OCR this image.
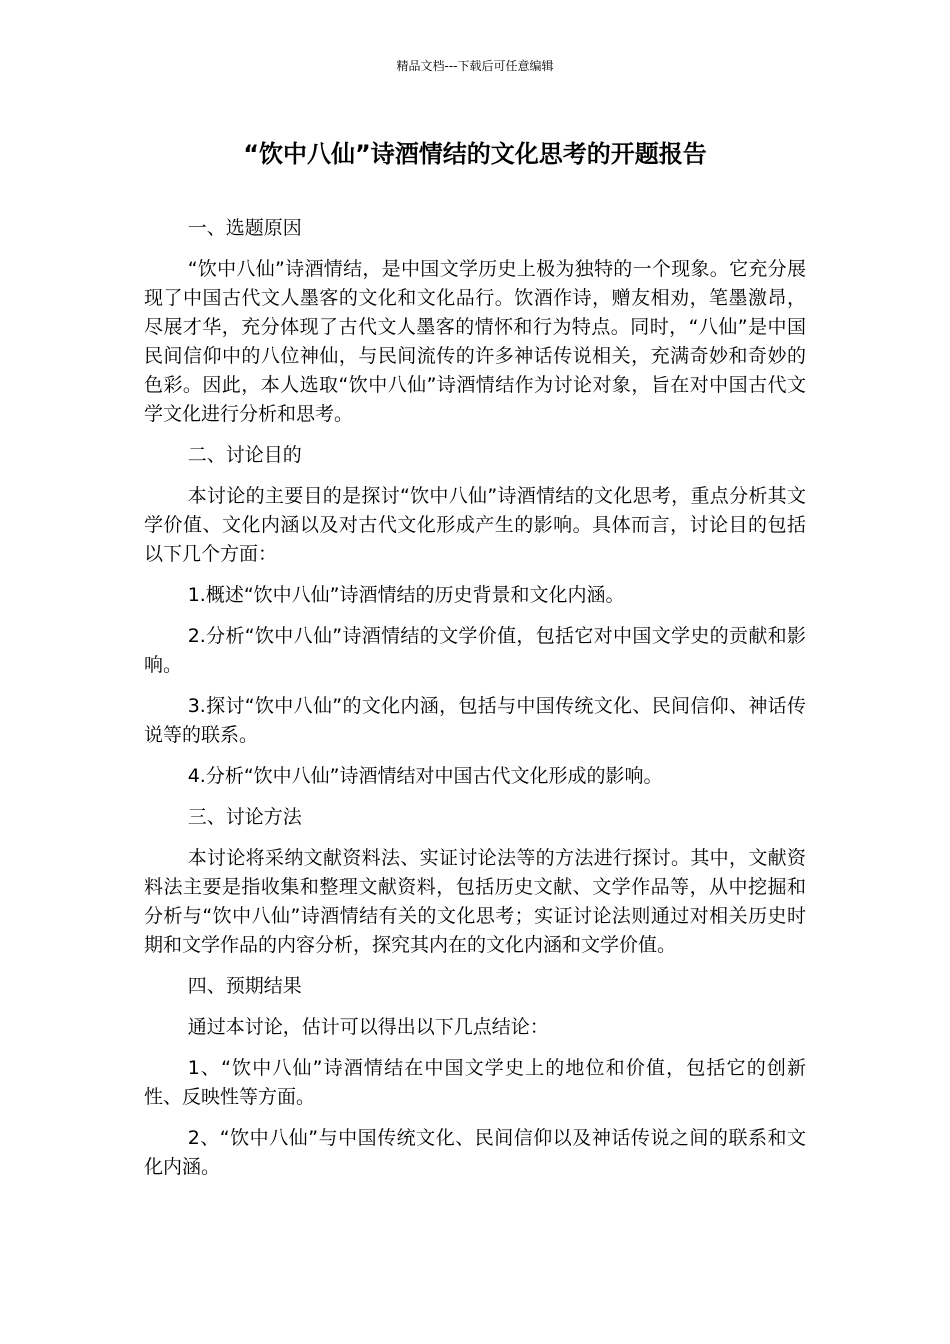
精品文档---下载后可任意编辑
“饮中八仙”诗酒情结的文化思考的开题报告

一、选题原因

“饮中八仙”诗酒情结，是中国文学历史上极为独特的一个现象。它充分展现了中国古代文人墨客的文化和文化品行。饮酒作诗，赠友相劝，笔墨激昂，尽展才华，充分体现了古代文人墨客的情怀和行为特点。同时，“八仙”是中国民间信仰中的八位神仙，与民间流传的许多神话传说相关，充满奇妙和奇妙的色彩。因此，本人选取“饮中八仙”诗酒情结作为讨论对象，旨在对中国古代文学文化进行分析和思考。

二、讨论目的

本讨论的主要目的是探讨“饮中八仙”诗酒情结的文化思考，重点分析其文学价值、文化内涵以及对古代文化形成产生的影响。具体而言，讨论目的包括以下几个方面：

1.概述“饮中八仙”诗酒情结的历史背景和文化内涵。

2.分析“饮中八仙”诗酒情结的文学价值，包括它对中国文学史的贡献和影响。

3.探讨“饮中八仙”的文化内涵，包括与中国传统文化、民间信仰、神话传说等的联系。

4.分析“饮中八仙”诗酒情结对中国古代文化形成的影响。

三、讨论方法

本讨论将采纳文献资料法、实证讨论法等的方法进行探讨。其中，文献资料法主要是指收集和整理文献资料，包括历史文献、文学作品等，从中挖掘和分析与“饮中八仙”诗酒情结有关的文化思考；实证讨论法则通过对相关历史时期和文学作品的内容分析，探究其内在的文化内涵和文学价值。

四、预期结果

通过本讨论，估计可以得出以下几点结论：

1、“饮中八仙”诗酒情结在中国文学史上的地位和价值，包括它的创新性、反映性等方面。

2、“饮中八仙”与中国传统文化、民间信仰以及神话传说之间的联系和文化内涵。
